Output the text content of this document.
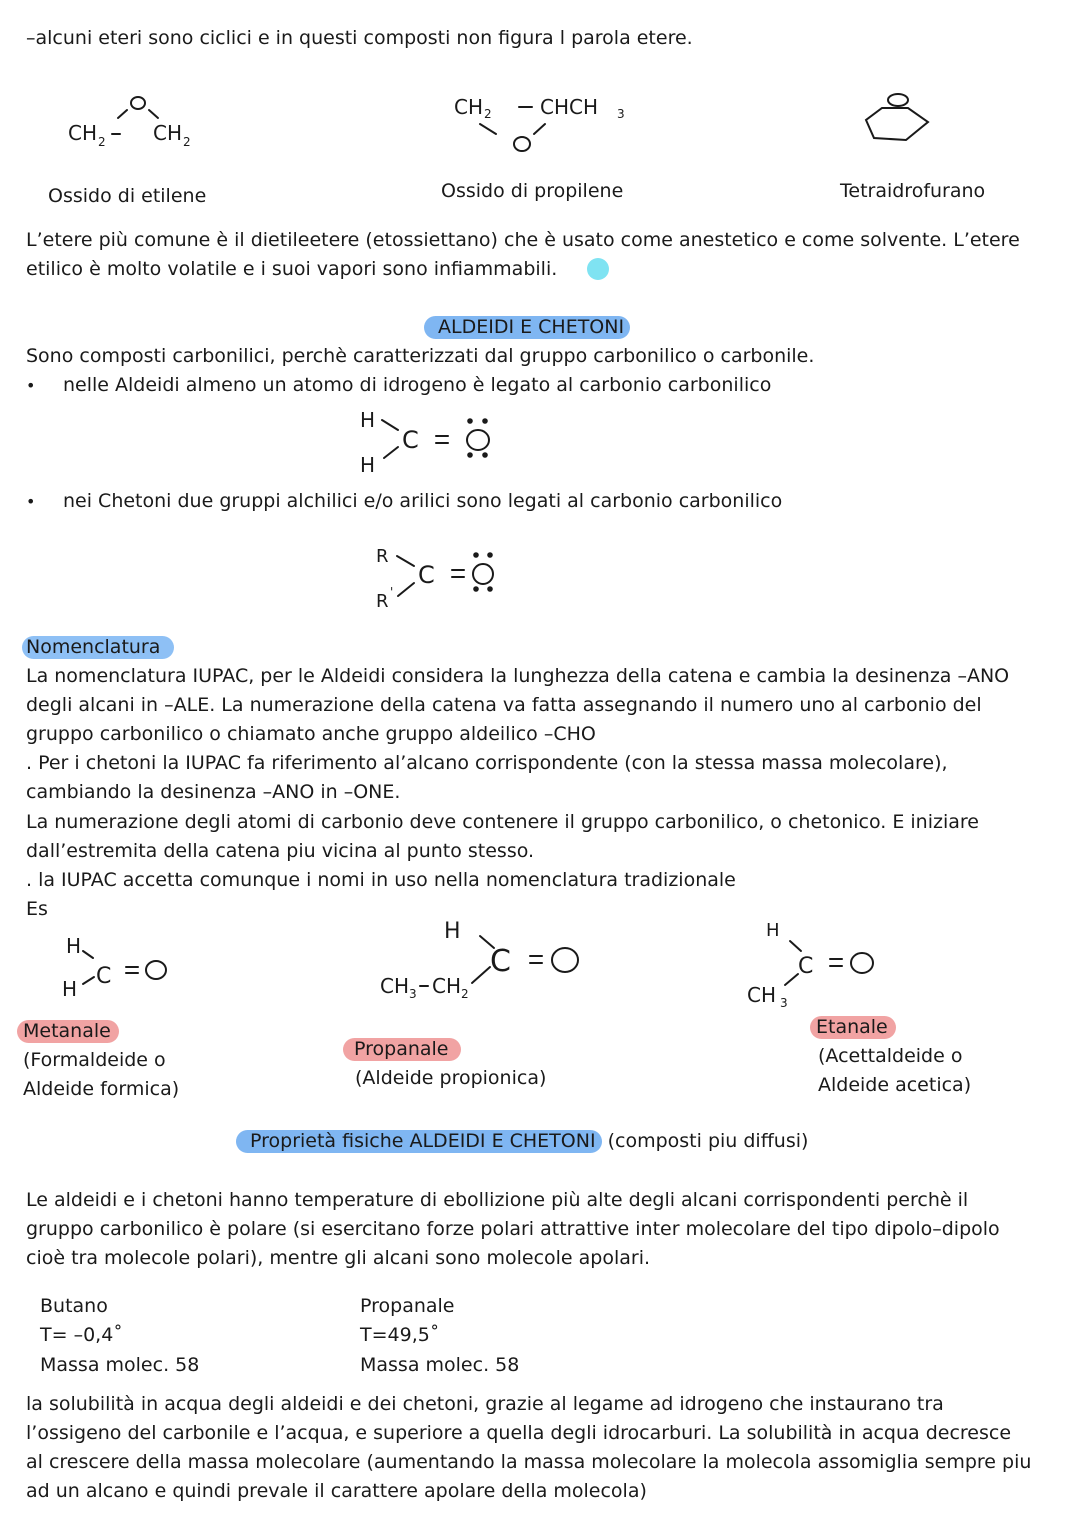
–alcuni eteri sono ciclici e in questi composti non figura l parola etere.
CH 2 CH 2
CH 2 CHCH 3
H
H
C
R
R '
C
H
H C
H
C
CH 3 CH 2
H
C
CH 3
Ossido di etilene	Ossido di propilene	Tetraidrofurano
L’etere più comune è il dietileetere (etossiettano) che è usato come anestetico e come solvente. L’etere
etilico è molto volatile e i suoi vapori sono infiammabili.
ALDEIDI E CHETONI
Sono composti carbonilici, perchè caratterizzati dal gruppo carbonilico o carbonile.
• nelle Aldeidi almeno un atomo di idrogeno è legato al carbonio carbonilico
• nei Chetoni due gruppi alchilici e/o arilici sono legati al carbonio carbonilico
Nomenclatura
La nomenclatura IUPAC, per le Aldeidi considera la lunghezza della catena e cambia la desinenza –ANO
degli alcani in –ALE. La numerazione della catena va fatta assegnando il numero uno al carbonio del
gruppo carbonilico o chiamato anche gruppo aldeilico –CHO
. Per i chetoni la IUPAC fa riferimento al’alcano corrispondente (con la stessa massa molecolare),
cambiando la desinenza –ANO in –ONE.
La numerazione degli atomi di carbonio deve contenere il gruppo carbonilico, o chetonico. E iniziare
dall’estremita della catena piu vicina al punto stesso.
. la IUPAC accetta comunque i nomi in uso nella nomenclatura tradizionale
Es
Metanale
(Formaldeide o
Aldeide formica)
Propanale
(Aldeide propionica)
Etanale
(Acettaldeide o
Aldeide acetica)
Proprietà fisiche ALDEIDI E CHETONI (composti piu diffusi)
Le aldeidi e i chetoni hanno temperature di ebollizione più alte degli alcani corrispondenti perchè il
gruppo carbonilico è polare (si esercitano forze polari attrattive inter molecolare del tipo dipolo–dipolo
cioè tra molecole polari), mentre gli alcani sono molecole apolari.
Butano
T= –0,4˚
Massa molec. 58
Propanale
T=49,5˚
Massa molec. 58
la solubilità in acqua degli aldeidi e dei chetoni, grazie al legame ad idrogeno che instaurano tra
l’ossigeno del carbonile e l’acqua, e superiore a quella degli idrocarburi. La solubilità in acqua decresce
al crescere della massa molecolare (aumentando la massa molecolare la molecola assomiglia sempre piu
ad un alcano e quindi prevale il carattere apolare della molecola)
